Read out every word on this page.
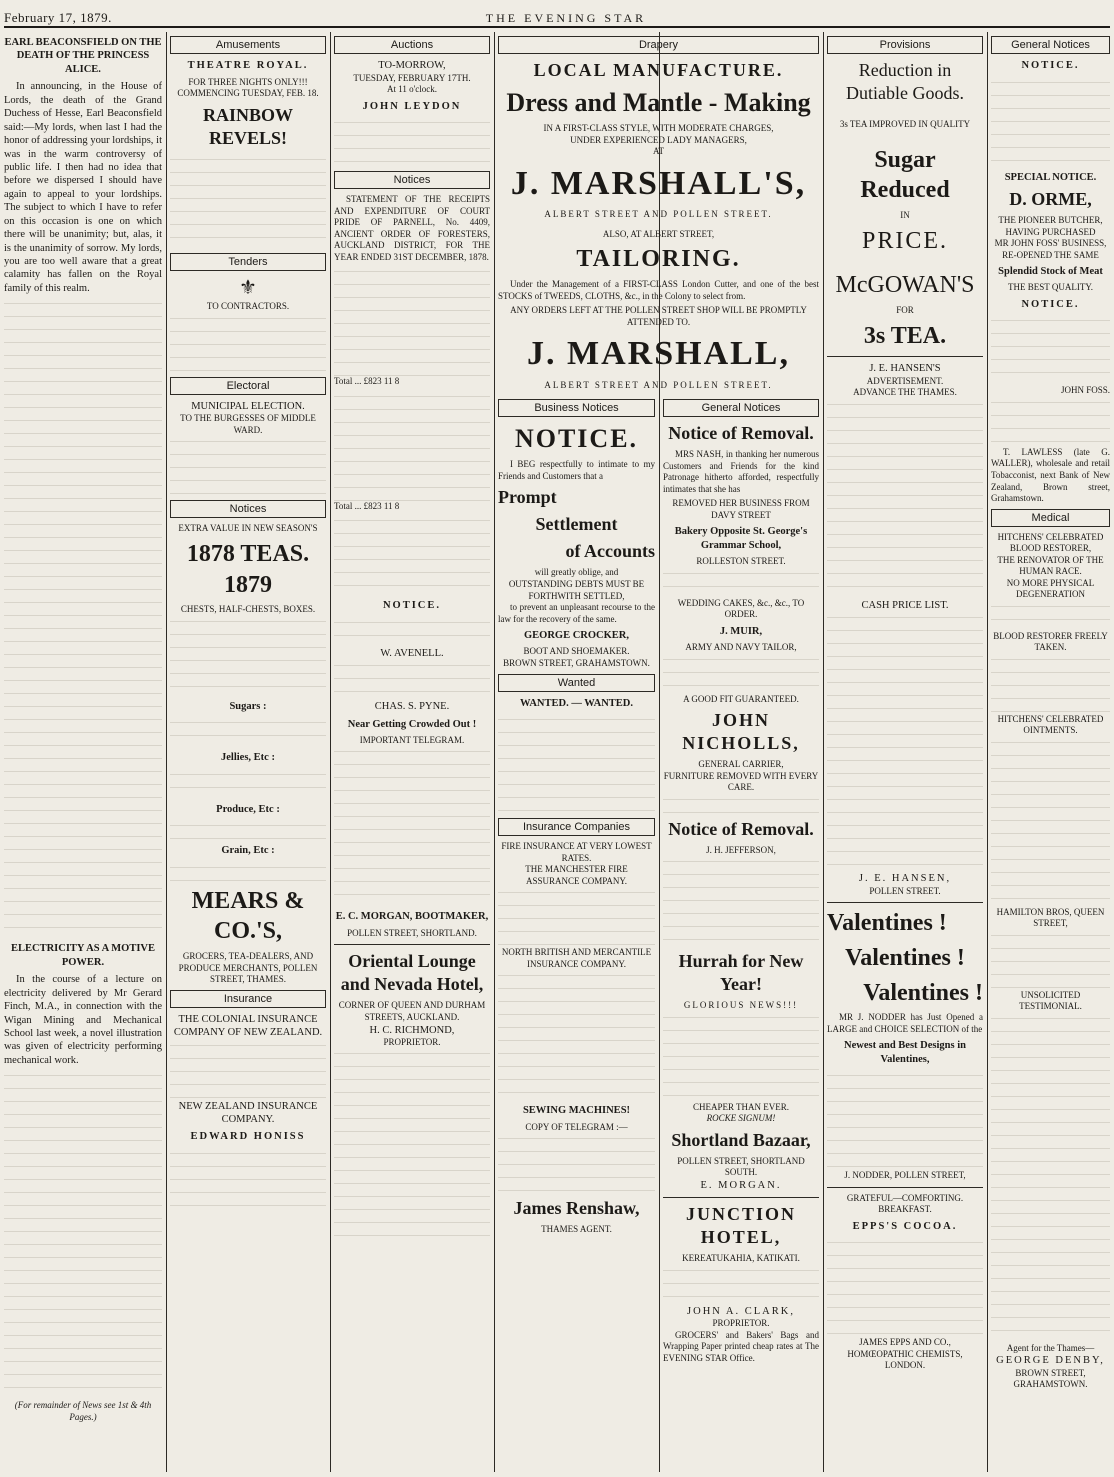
February 17, 1879.	THE EVENING STAR
EARL BEACONSFIELD ON THE DEATH OF THE PRINCESS ALICE.
In announcing, in the House of Lords, the death of the Grand Duchess of Hesse, Earl Beaconsfield said:—My lords, when last I had the honor of addressing your lordships, it was in the warm controversy of public life. I then had no idea that before we dispersed I should have again to appeal to your lordships. The subject to which I have to refer on this occasion is one on which there will be unanimity; but, alas, it is the unanimity of sorrow. My lords, you are too well aware that a great calamity has fallen on the Royal family of this realm.
ELECTRICITY AS A MOTIVE POWER.
In the course of a lecture on electricity delivered by Mr Gerard Finch, M.A., in connection with the Wigan Mining and Mechanical School last week, a novel illustration was given of electricity performing mechanical work.
(For remainder of News see 1st & 4th Pages.)
Amusements
THEATRE ROYAL.
FOR THREE NIGHTS ONLY!!!
COMMENCING TUESDAY, FEB. 18.
RAINBOW REVELS!
Tenders
⚜
TO CONTRACTORS.
Electoral
MUNICIPAL ELECTION.
TO THE BURGESSES OF MIDDLE WARD.
Notices
EXTRA VALUE IN NEW SEASON'S
1878 TEAS. 1879
CHESTS, HALF-CHESTS, BOXES.
Sugars :
Jellies, Etc :
Produce, Etc :
Grain, Etc :
MEARS & CO.'S,
GROCERS, TEA-DEALERS, AND PRODUCE MERCHANTS, POLLEN STREET, THAMES.
Insurance
THE COLONIAL INSURANCE COMPANY OF NEW ZEALAND.
NEW ZEALAND INSURANCE COMPANY.
EDWARD HONISS
Auctions
TO-MORROW,
TUESDAY, FEBRUARY 17TH.
At 11 o'clock.
JOHN LEYDON
Notices
STATEMENT OF THE RECEIPTS AND EXPENDITURE OF COURT PRIDE OF PARNELL, No. 4409, ANCIENT ORDER OF FORESTERS, AUCKLAND DISTRICT, FOR THE YEAR ENDED 31ST DECEMBER, 1878.
Total ... £823 11 8
Total ... £823 11 8
NOTICE.
W. AVENELL.
CHAS. S. PYNE.
Near Getting Crowded Out !
IMPORTANT TELEGRAM.
E. C. MORGAN, BOOTMAKER,
POLLEN STREET, SHORTLAND.
Oriental Lounge and Nevada Hotel,
CORNER OF QUEEN AND DURHAM STREETS, AUCKLAND.
H. C. RICHMOND,
PROPRIETOR.
Drapery
LOCAL MANUFACTURE.
Dress and Mantle - Making
IN A FIRST-CLASS STYLE, WITH MODERATE CHARGES,
UNDER EXPERIENCED LADY MANAGERS,
AT
J. MARSHALL'S,
ALBERT STREET AND POLLEN STREET.
ALSO, AT ALBERT STREET,
TAILORING.
Under the Management of a FIRST-CLASS London Cutter, and one of the best STOCKS of TWEEDS, CLOTHS, &c., in the Colony to select from.
ANY ORDERS LEFT AT THE POLLEN STREET SHOP WILL BE PROMPTLY ATTENDED TO.
J. MARSHALL,
ALBERT STREET AND POLLEN STREET.
Business Notices
NOTICE.
I BEG respectfully to intimate to my Friends and Customers that a
Prompt
Settlement
of Accounts
will greatly oblige, and
OUTSTANDING DEBTS MUST BE FORTHWITH SETTLED,
to prevent an unpleasant recourse to the law for the recovery of the same.
GEORGE CROCKER,
BOOT AND SHOEMAKER.
BROWN STREET, GRAHAMSTOWN.
Wanted
WANTED. — WANTED.
Insurance Companies
FIRE INSURANCE AT VERY LOWEST RATES.
THE MANCHESTER FIRE ASSURANCE COMPANY.
NORTH BRITISH AND MERCANTILE INSURANCE COMPANY.
SEWING MACHINES!
COPY OF TELEGRAM :—
James Renshaw,
THAMES AGENT.
General Notices
Notice of Removal.
MRS NASH, in thanking her numerous Customers and Friends for the kind Patronage hitherto afforded, respectfully intimates that she has
REMOVED HER BUSINESS FROM DAVY STREET
Bakery Opposite St. George's Grammar School,
ROLLESTON STREET.
WEDDING CAKES, &c., &c., TO ORDER.
J. MUIR,
ARMY AND NAVY TAILOR,
A GOOD FIT GUARANTEED.
JOHN NICHOLLS,
GENERAL CARRIER,
FURNITURE REMOVED WITH EVERY CARE.
Notice of Removal.
J. H. JEFFERSON,
Hurrah for New Year!
GLORIOUS NEWS!!!
CHEAPER THAN EVER.
ROCKE SIGNUM!
Shortland Bazaar,
POLLEN STREET, SHORTLAND SOUTH.
E. MORGAN.
JUNCTION HOTEL,
KEREATUKAHIA, KATIKATI.
JOHN A. CLARK,
PROPRIETOR.
GROCERS' and Bakers' Bags and Wrapping Paper printed cheap rates at The EVENING STAR Office.
Provisions
Reduction in Dutiable Goods.
3s TEA IMPROVED IN QUALITY
Sugar Reduced
IN
PRICE.
McGOWAN'S
FOR
3s TEA.
J. E. HANSEN'S
ADVERTISEMENT.
ADVANCE THE THAMES.
CASH PRICE LIST.
J. E. HANSEN,
POLLEN STREET.
Valentines !
Valentines !
Valentines !
MR J. NODDER has Just Opened a LARGE and CHOICE SELECTION of the
Newest and Best Designs in Valentines,
J. NODDER, POLLEN STREET,
GRATEFUL—COMFORTING.
BREAKFAST.
EPPS'S COCOA.
JAMES EPPS AND CO., HOMŒOPATHIC CHEMISTS, LONDON.
General Notices
NOTICE.
SPECIAL NOTICE.
D. ORME,
THE PIONEER BUTCHER,
HAVING PURCHASED
MR JOHN FOSS' BUSINESS,
RE-OPENED THE SAME
Splendid Stock of Meat
THE BEST QUALITY.
NOTICE.
JOHN FOSS.
T. LAWLESS (late G. WALLER), wholesale and retail Tobacconist, next Bank of New Zealand, Brown street, Grahamstown.
Medical
HITCHENS' CELEBRATED BLOOD RESTORER,
THE RENOVATOR OF THE HUMAN RACE.
NO MORE PHYSICAL DEGENERATION
BLOOD RESTORER FREELY TAKEN.
HITCHENS' CELEBRATED OINTMENTS.
HAMILTON BROS, QUEEN STREET,
UNSOLICITED TESTIMONIAL.
Agent for the Thames—
GEORGE DENBY,
BROWN STREET, GRAHAMSTOWN.
